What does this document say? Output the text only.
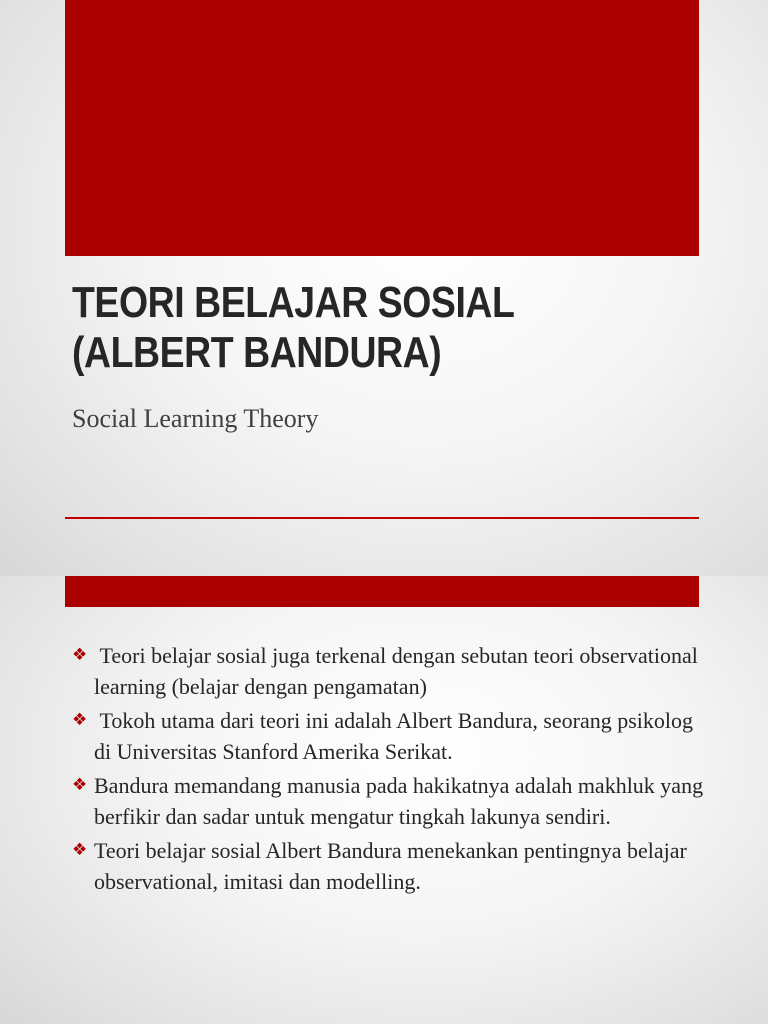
TEORI BELAJAR SOSIAL
(ALBERT BANDURA)

Social Learning Theory

❖ Teori belajar sosial juga terkenal dengan sebutan teori observational learning (belajar dengan pengamatan)
❖ Tokoh utama dari teori ini adalah Albert Bandura, seorang psikolog di Universitas Stanford Amerika Serikat.
❖ Bandura memandang manusia pada hakikatnya adalah makhluk yang berfikir dan sadar untuk mengatur tingkah lakunya sendiri.
❖ Teori belajar sosial Albert Bandura menekankan pentingnya belajar observational, imitasi dan modelling.
